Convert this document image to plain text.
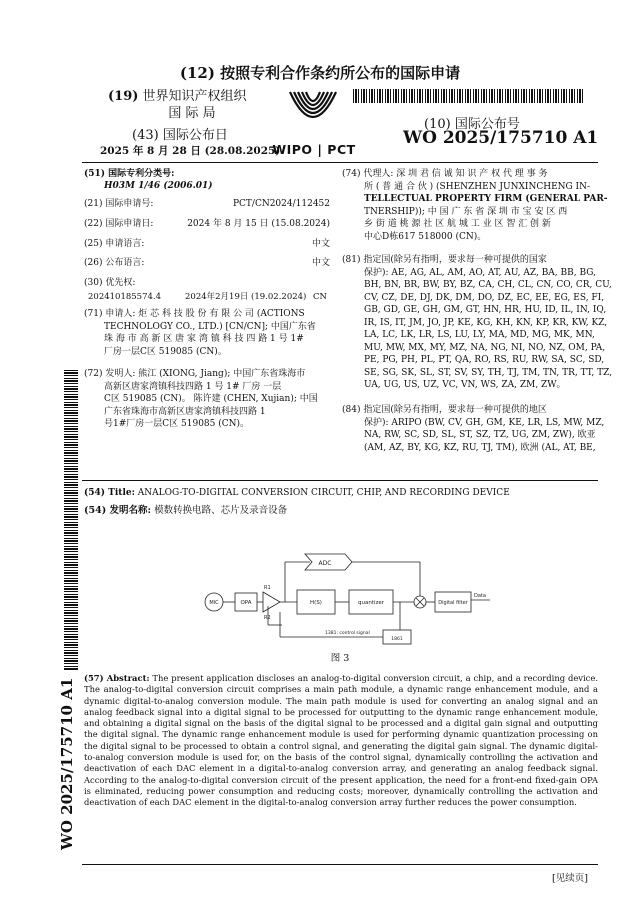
(12) 按照专利合作条约所公布的国际申请
(19) 世界知识产权组织
国 际 局
(43) 国际公布日
2025 年 8 月 28 日 (28.08.2025)
WIPO | PCT
(10) 国际公布号
WO 2025/175710 A1
WO 2025/175710 A1
(51) 国际专利分类号:
H03M 1/46 (2006.01)
(21) 国际申请号:	PCT/CN2024/112452
(22) 国际申请日:	2024 年 8 月 15 日 (15.08.2024)
(25) 申请语言:	中文
(26) 公布语言:	中文
(30) 优先权:
202410185574.4	2024年2月19日 (19.02.2024) CN
(71) 申请人: 炬 芯 科 技 股 份 有 限 公 司 (ACTIONS
TECHNOLOGY CO., LTD.) [CN/CN]; 中国广东省
珠 海 市 高 新 区 唐 家 湾 镇 科 技 四 路 1 号 1#
厂房一层C区 519085 (CN)。
(72) 发明人: 熊江 (XIONG, Jiang); 中国广东省珠海市
高新区唐家湾镇科技四路 1 号 1# 厂房 一层
C区 519085 (CN)。 陈许建 (CHEN, Xujian); 中国
广东省珠海市高新区唐家湾镇科技四路 1
号1#厂房一层C区 519085 (CN)。
(74) 代理人: 深 圳 君 信 诚 知 识 产 权 代 理 事 务
所 ( 普 通 合 伙 ) (SHENZHEN JUNXINCHENG IN-
TELLECTUAL PROPERTY FIRM (GENERAL PAR-
TNERSHIP)); 中 国 广 东 省 深 圳 市 宝 安 区 西
乡 街 道 桃 源 社 区 航 城 工 业 区 智 汇 创 新
中心D栋617 518000 (CN)。
(81) 指定国(除另有指明，要求每一种可提供的国家
保护): AE, AG, AL, AM, AO, AT, AU, AZ, BA, BB, BG,
BH, BN, BR, BW, BY, BZ, CA, CH, CL, CN, CO, CR, CU,
CV, CZ, DE, DJ, DK, DM, DO, DZ, EC, EE, EG, ES, FI,
GB, GD, GE, GH, GM, GT, HN, HR, HU, ID, IL, IN, IQ,
IR, IS, IT, JM, JO, JP, KE, KG, KH, KN, KP, KR, KW, KZ,
LA, LC, LK, LR, LS, LU, LY, MA, MD, MG, MK, MN,
MU, MW, MX, MY, MZ, NA, NG, NI, NO, NZ, OM, PA,
PE, PG, PH, PL, PT, QA, RO, RS, RU, RW, SA, SC, SD,
SE, SG, SK, SL, ST, SV, SY, TH, TJ, TM, TN, TR, TT, TZ,
UA, UG, US, UZ, VC, VN, WS, ZA, ZM, ZW。
(84) 指定国(除另有指明，要求每一种可提供的地区
保护): ARIPO (BW, CV, GH, GM, KE, LR, LS, MW, MZ,
NA, RW, SC, SD, SL, ST, SZ, TZ, UG, ZM, ZW), 欧亚
(AM, AZ, BY, KG, KZ, RU, TJ, TM), 欧洲 (AL, AT, BE,
(54) Title: ANALOG-TO-DIGITAL CONVERSION CIRCUIT, CHIP, AND RECORDING DEVICE
(54) 发明名称: 模数转换电路、芯片及录音设备
ADC
MIC	OPA
R1
R2
H(S)	quantizer	Digital filter
Data
1381: control signal
1861
图 3
(57) Abstract: The present application discloses an analog-to-digital conversion circuit, a chip, and a recording device. The analog-to-digital conversion circuit comprises a main path module, a dynamic range enhancement module, and a dynamic digital-to-analog conversion module. The main path module is used for converting an analog signal and an analog feedback signal into a digital signal to be processed for outputting to the dynamic range enhancement module, and obtaining a digital signal on the basis of the digital signal to be processed and a digital gain signal and outputting the digital signal. The dynamic range enhancement module is used for performing dynamic quantization processing on the digital signal to be processed to obtain a control signal, and generating the digital gain signal. The dynamic digital-to-analog conversion module is used for, on the basis of the control signal, dynamically controlling the activation and deactivation of each DAC element in a digital-to-analog conversion array, and generating an analog feedback signal. According to the analog-to-digital conversion circuit of the present application, the need for a front-end fixed-gain OPA is eliminated, reducing power consumption and reducing costs; moreover, dynamically controlling the activation and deactivation of each DAC element in the digital-to-analog conversion array further reduces the power consumption.
[见续页]
